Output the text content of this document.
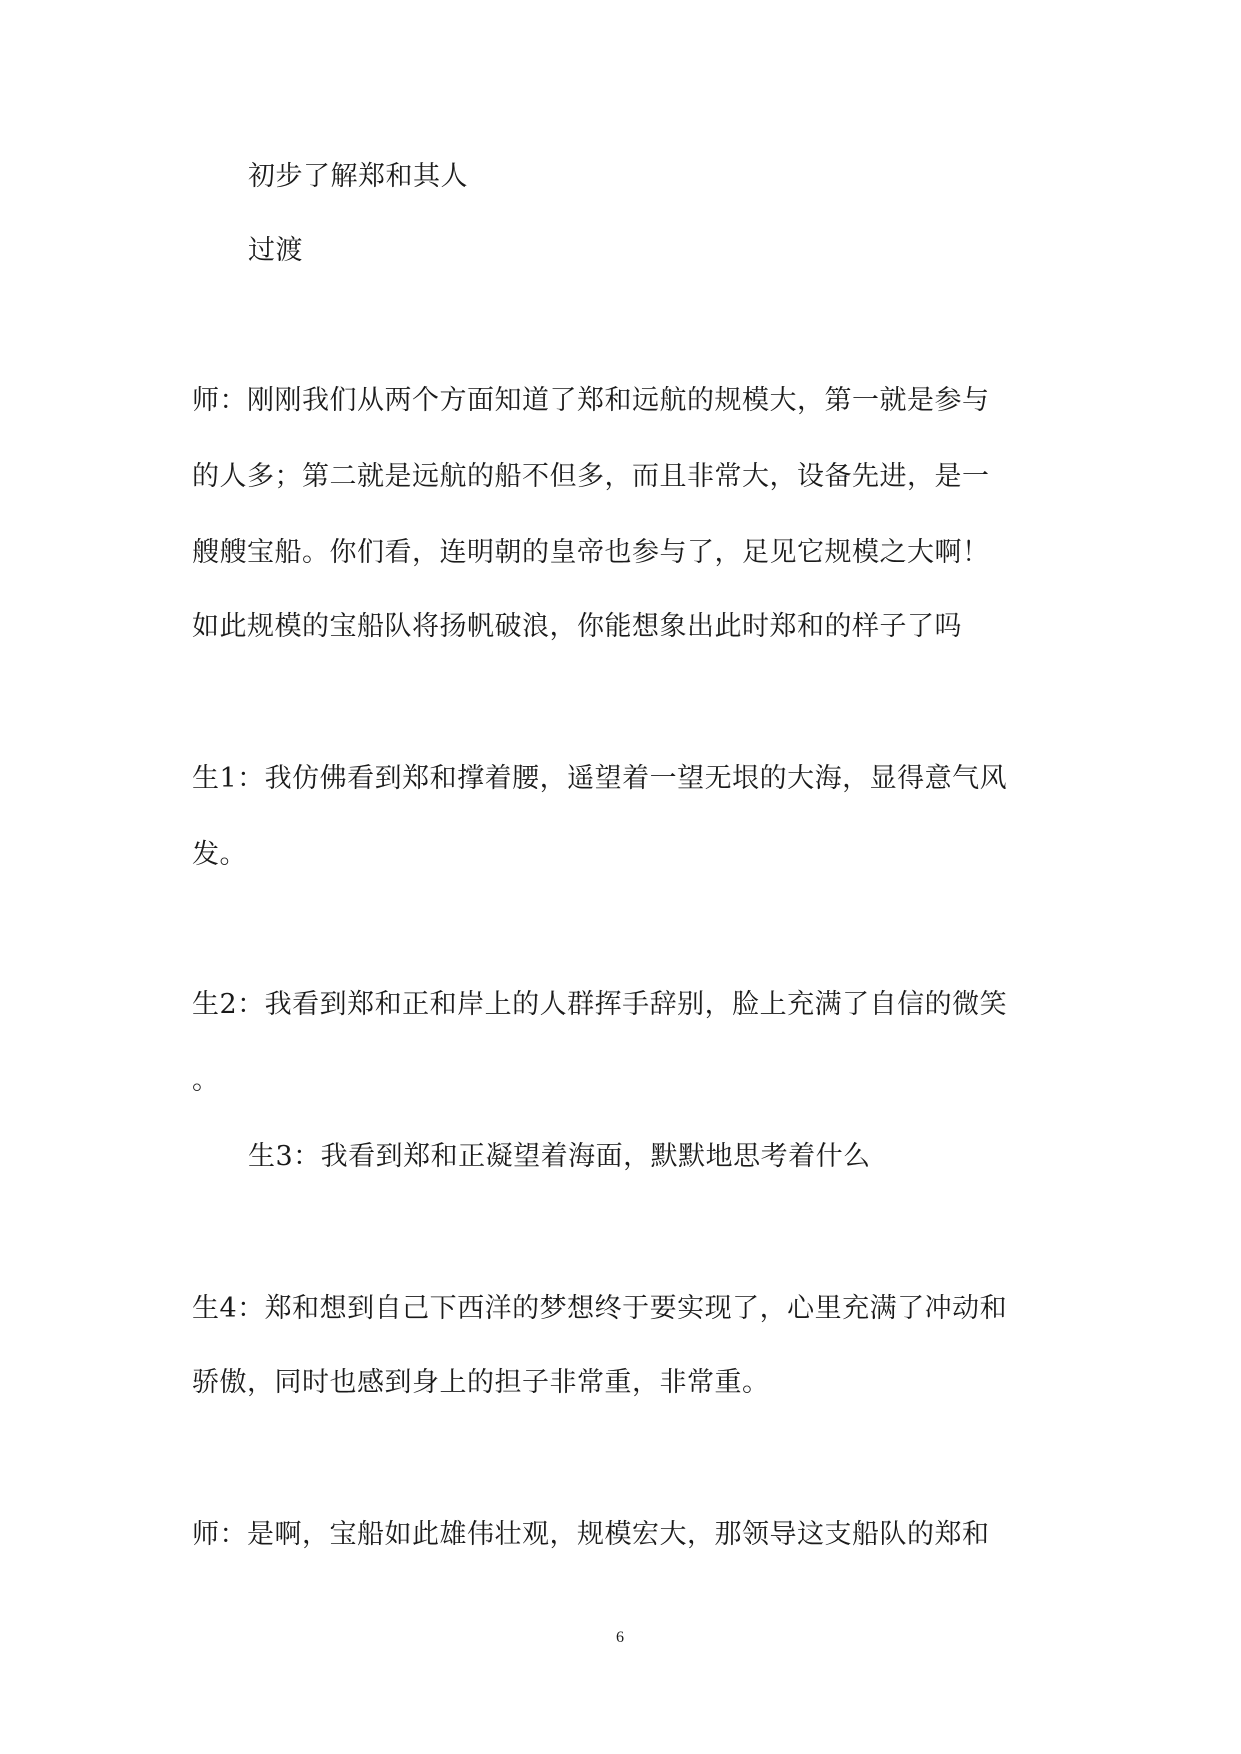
初步了解郑和其人
过渡
师：刚刚我们从两个方面知道了郑和远航的规模大，第一就是参与
的人多；第二就是远航的船不但多，而且非常大，设备先进，是一
艘艘宝船。你们看，连明朝的皇帝也参与了，足见它规模之大啊！
如此规模的宝船队将扬帆破浪，你能想象出此时郑和的样子了吗
生1：我仿佛看到郑和撑着腰，遥望着一望无垠的大海，显得意气风
发。
生2：我看到郑和正和岸上的人群挥手辞别，脸上充满了自信的微笑
。
生3：我看到郑和正凝望着海面，默默地思考着什么
生4：郑和想到自己下西洋的梦想终于要实现了，心里充满了冲动和
骄傲，同时也感到身上的担子非常重，非常重。
师：是啊，宝船如此雄伟壮观，规模宏大，那领导这支船队的郑和
6
